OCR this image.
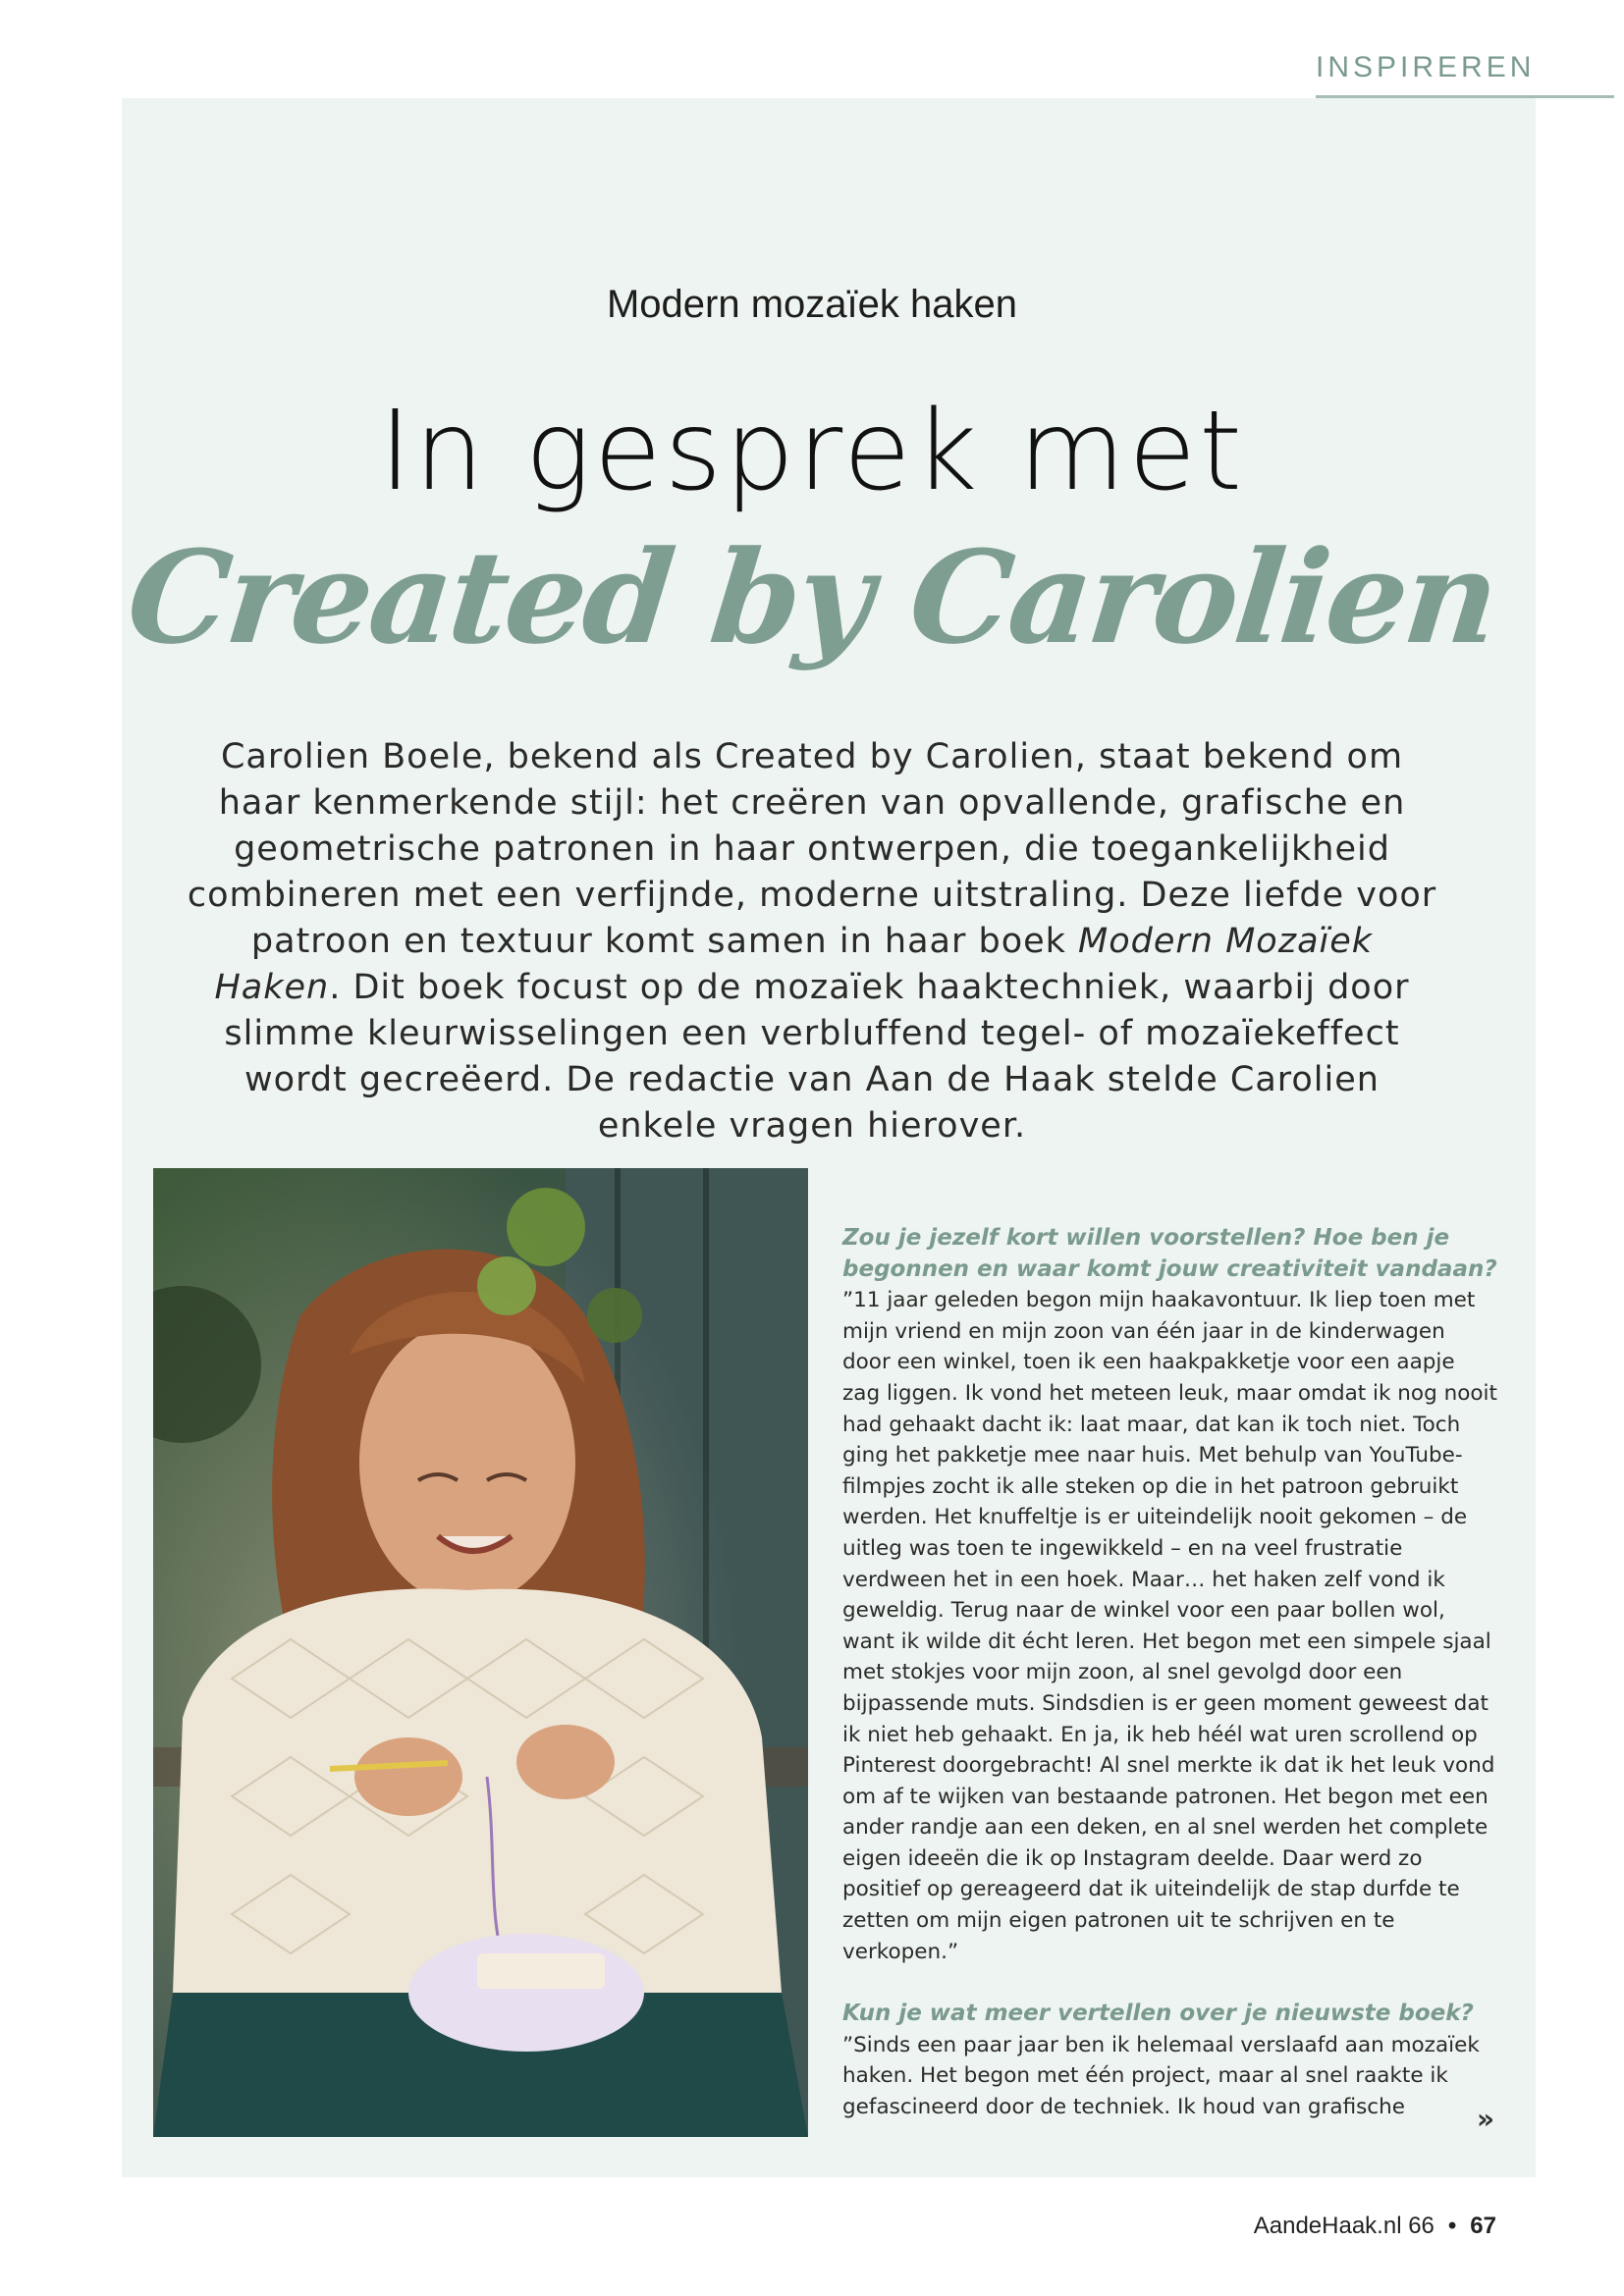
INSPIREREN
Modern mozaïek haken
In gesprek met
Created by Carolien
Carolien Boele, bekend als Created by Carolien, staat bekend om haar kenmerkende stijl: het creëren van opvallende, grafische en geometrische patronen in haar ontwerpen, die toegankelijkheid combineren met een verfijnde, moderne uitstraling. Deze liefde voor patroon en textuur komt samen in haar boek Modern Mozaïek Haken. Dit boek focust op de mozaïek haaktechniek, waarbij door slimme kleurwisselingen een verbluffend tegel- of mozaïekeffect wordt gecreëerd. De redactie van Aan de Haak stelde Carolien enkele vragen hierover.

Zou je jezelf kort willen voorstellen? Hoe ben je begonnen en waar komt jouw creativiteit vandaan?

”11 jaar geleden begon mijn haakavontuur. Ik liep toen met mijn vriend en mijn zoon van één jaar in de kinderwagen door een winkel, toen ik een haakpakketje voor een aapje zag liggen. Ik vond het meteen leuk, maar omdat ik nog nooit had gehaakt dacht ik: laat maar, dat kan ik toch niet. Toch ging het pakketje mee naar huis. Met behulp van YouTube-filmpjes zocht ik alle steken op die in het patroon gebruikt werden. Het knuffeltje is er uiteindelijk nooit gekomen – de uitleg was toen te ingewikkeld – en na veel frustratie verdween het in een hoek. Maar… het haken zelf vond ik geweldig. Terug naar de winkel voor een paar bollen wol, want ik wilde dit écht leren. Het begon met een simpele sjaal met stokjes voor mijn zoon, al snel gevolgd door een bijpassende muts. Sindsdien is er geen moment geweest dat ik niet heb gehaakt. En ja, ik heb héél wat uren scrollend op Pinterest doorgebracht! Al snel merkte ik dat ik het leuk vond om af te wijken van bestaande patronen. Het begon met een ander randje aan een deken, en al snel werden het complete eigen ideeën die ik op Instagram deelde. Daar werd zo positief op gereageerd dat ik uiteindelijk de stap durfde te zetten om mijn eigen patronen uit te schrijven en te verkopen.”

Kun je wat meer vertellen over je nieuwste boek?

”Sinds een paar jaar ben ik helemaal verslaafd aan mozaïek haken. Het begon met één project, maar al snel raakte ik gefascineerd door de techniek. Ik houd van grafische	»
AandeHaak.nl 66 • 67
